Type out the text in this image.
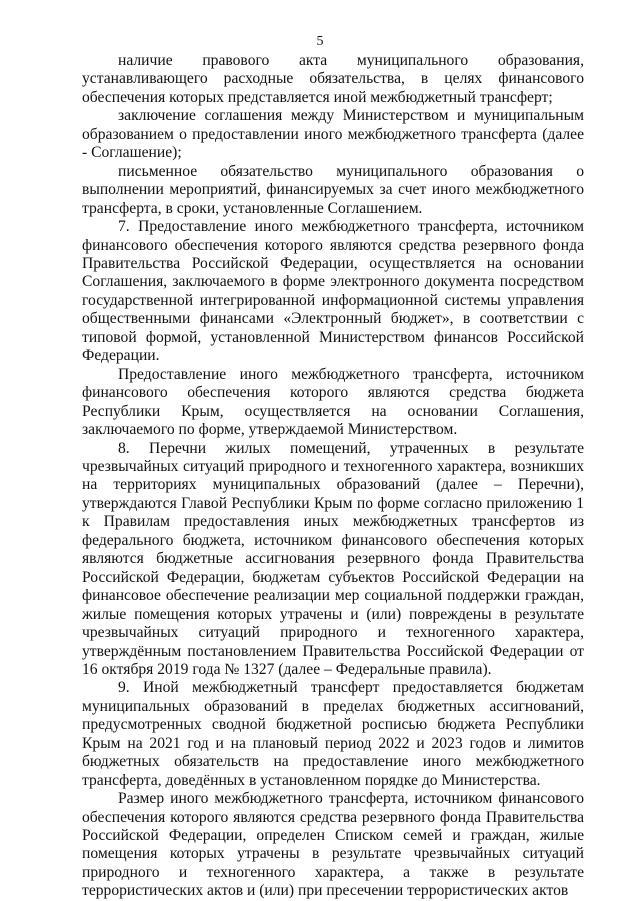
5

наличие правового акта муниципального образования, устанавливающего расходные обязательства, в целях финансового обеспечения которых представляется иной межбюджетный трансферт;

заключение соглашения между Министерством и муниципальным образованием о предоставлении иного межбюджетного трансферта (далее - Соглашение);

письменное обязательство муниципального образования о выполнении мероприятий, финансируемых за счет иного межбюджетного трансферта, в сроки, установленные Соглашением.

7. Предоставление иного межбюджетного трансферта, источником финансового обеспечения которого являются средства резервного фонда Правительства Российской Федерации, осуществляется на основании Соглашения, заключаемого в форме электронного документа посредством государственной интегрированной информационной системы управления общественными финансами «Электронный бюджет», в соответствии с типовой формой, установленной Министерством финансов Российской Федерации.

Предоставление иного межбюджетного трансферта, источником финансового обеспечения которого являются средства бюджета Республики Крым, осуществляется на основании Соглашения, заключаемого по форме, утверждаемой Министерством.

8. Перечни жилых помещений, утраченных в результате чрезвычайных ситуаций природного и техногенного характера, возникших на территориях муниципальных образований (далее – Перечни), утверждаются Главой Республики Крым по форме согласно приложению 1 к Правилам предоставления иных межбюджетных трансфертов из федерального бюджета, источником финансового обеспечения которых являются бюджетные ассигнования резервного фонда Правительства Российской Федерации, бюджетам субъектов Российской Федерации на финансовое обеспечение реализации мер социальной поддержки граждан, жилые помещения которых утрачены и (или) повреждены в результате чрезвычайных ситуаций природного и техногенного характера, утверждённым постановлением Правительства Российской Федерации от 16 октября 2019 года № 1327 (далее – Федеральные правила).

9. Иной межбюджетный трансферт предоставляется бюджетам муниципальных образований в пределах бюджетных ассигнований, предусмотренных сводной бюджетной росписью бюджета Республики Крым на 2021 год и на плановый период 2022 и 2023 годов и лимитов бюджетных обязательств на предоставление иного межбюджетного трансферта, доведённых в установленном порядке до Министерства.

Размер иного межбюджетного трансферта, источником финансового обеспечения которого являются средства резервного фонда Правительства Российской Федерации, определен Списком семей и граждан, жилые помещения которых утрачены в результате чрезвычайных ситуаций природного и техногенного характера, а также в результате террористических актов и (или) при пресечении террористических актов
